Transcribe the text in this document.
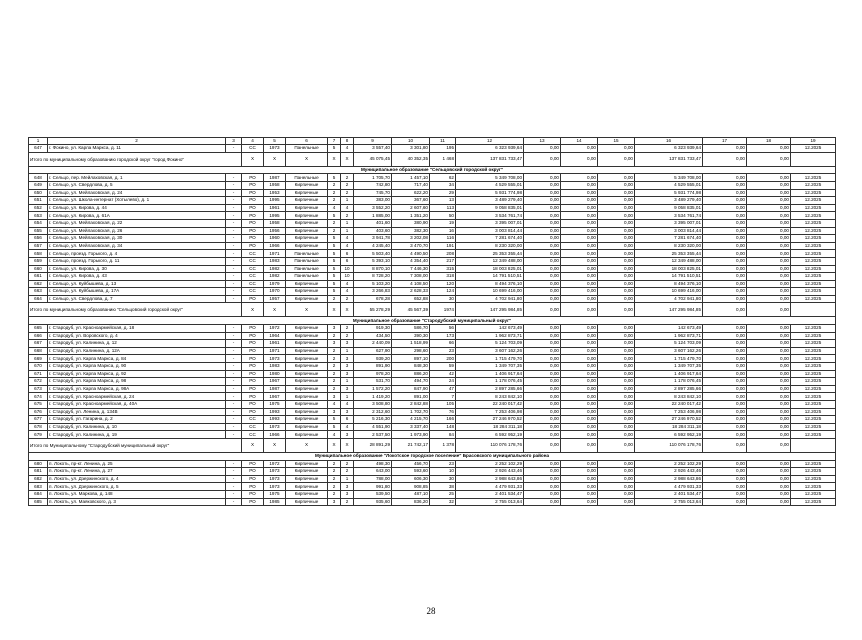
1	2	3	4	5	6	7	8	9	10	11	12	13	14	15	16	17	18	19
647	г. Фокино, ул. Карла Маркса, д. 11	-	СС	1973	Панельные	5	4	3 557,40	3 301,80	195	6 323 939,64	0,00	0,00	0,00	6 323 939,64	0,00	0,00	12.2025
Итого по муниципальному образованию городской округ "город Фокино"			X	X	X	X	X	45 075,45	40 352,35	1 468	137 831 733,47	0,00	0,00	0,00	137 831 733,47	0,00	0,00	
Муниципальное образование "Сельцовский городской округ"																		
648	г. Сельцо, пер. Мейлаховская, д. 1	-	РО	1987	Панельные	5	2	1 705,70	1 457,10	62	5 349 708,00	0,00	0,00	0,00	5 349 708,00	0,00	0,00	12.2025
649	г. Сельцо, ул. Свердлова, д. 5	-	РО	1958	Кирпичные	2	2	742,80	717,40	34	4 529 555,01	0,00	0,00	0,00	4 529 555,01	0,00	0,00	12.2025
650	г. Сельцо, ул. Мейлаховская, д. 24	-	РО	1953	Кирпичные	2	2	745,70	622,20	29	5 931 774,98	0,00	0,00	0,00	5 931 774,98	0,00	0,00	12.2025
651	г. Сельцо, ул. Школа-интернат (Хотылево), д. 1	-	РО	1995	Кирпичные	2	1	383,00	367,60	13	3 489 279,40	0,00	0,00	0,00	3 489 279,40	0,00	0,00	12.2025
652	г. Сельцо, ул. Кирова, д. 44	-	РО	1961	Кирпичные	4	4	3 552,20	2 607,60	113	9 058 835,01	0,00	0,00	0,00	9 058 835,01	0,00	0,00	12.2025
653	г. Сельцо, ул. Кирова, д. 61А	-	РО	1995	Кирпичные	5	2	1 885,00	1 351,20	50	3 534 761,74	0,00	0,00	0,00	3 534 761,74	0,00	0,00	12.2025
654	г. Сельцо, ул. Мейлаховская, д. 22	-	РО	1958	Кирпичные	2	1	401,60	380,90	19	3 395 007,01	0,00	0,00	0,00	3 395 007,01	0,00	0,00	12.2025
655	г. Сельцо, ул. Мейлаховская, д. 26	-	РО	1956	Кирпичные	2	1	403,60	382,30	16	3 003 814,44	0,00	0,00	0,00	3 003 814,44	0,00	0,00	12.2025
656	г. Сельцо, ул. Мейлаховская, д. 30	-	РО	1960	Кирпичные	5	4	3 941,78	3 202,08	116	7 281 674,40	0,00	0,00	0,00	7 281 674,40	0,00	0,00	12.2025
657	г. Сельцо, ул. Мейлаховская, д. 34	-	РО	1966	Кирпичные	5	4	4 245,40	3 470,70	191	8 230 320,00	0,00	0,00	0,00	8 230 320,00	0,00	0,00	12.2025
658	г. Сельцо, проезд. Горького, д. 4	-	СС	1971	Панельные	5	6	5 503,40	4 490,50	208	25 353 355,44	0,00	0,00	0,00	25 353 355,44	0,00	0,00	12.2025
659	г. Сельцо, проезд. Горького, д. 11	-	СС	1983	Панельные	5	6	5 393,10	4 354,40	217	12 349 488,00	0,00	0,00	0,00	12 349 488,00	0,00	0,00	12.2025
660	г. Сельцо, ул. Кирова, д. 30	-	СС	1982	Панельные	5	10	8 870,10	7 446,30	315	18 003 825,01	0,00	0,00	0,00	18 003 825,01	0,00	0,00	12.2025
661	г. Сельцо, ул. Кирова, д. 43	-	СС	1982	Панельные	5	10	8 728,20	7 308,00	318	14 791 510,51	0,00	0,00	0,00	14 791 510,51	0,00	0,00	12.2025
662	г. Сельцо, ул. Куйбышева, д. 13	-	СС	1979	Кирпичные	5	4	5 103,20	4 108,50	120	8 494 376,10	0,00	0,00	0,00	8 494 376,10	0,00	0,00	12.2025
663	г. Сельцо, ул. Куйбышева, д. 17А	-	СС	1970	Кирпичные	5	4	3 266,83	2 628,33	124	10 699 416,00	0,00	0,00	0,00	10 699 416,00	0,00	0,00	12.2025
664	г. Сельцо, ул. Свердлова, д. 7	-	РО	1957	Кирпичные	2	2	678,28	652,88	30	4 702 941,80	0,00	0,00	0,00	4 702 941,80	0,00	0,00	12.2025
Итого по муниципальному образованию "Сельцовский городской округ"			X	X	X	X	X	55 278,29	45 567,39	1974	147 295 984,85	0,00	0,00	0,00	147 295 984,85	0,00	0,00	
Муниципальное образование "Стародубский муниципальный округ"																		
665	г. Стародуб, ул. Красноармейская, д. 18	-	РО	1972	Кирпичные	3	2	919,30	586,70	56	142 673,49	0,00	0,00	0,00	142 673,49	0,00	0,00	12.2025
666	г. Стародуб, ул. Воровского, д. 4	-	РО	1964	Кирпичные	2	2	434,50	390,30	173	1 962 873,71	0,00	0,00	0,00	1 962 873,71	0,00	0,00	12.2025
667	г. Стародуб, ул. Калинина, д. 12	-	РО	1961	Кирпичные	3	3	2 440,09	1 518,99	66	5 124 703,09	0,00	0,00	0,00	5 124 703,09	0,00	0,00	12.2025
668	г. Стародуб, ул. Калинина, д. 12А	-	РО	1971	Кирпичные	2	1	627,90	298,60	23	3 607 162,26	0,00	0,00	0,00	3 607 162,26	0,00	0,00	12.2025
669	г. Стародуб, ул. Карла Маркса, д. 84	-	РО	1973	Кирпичные	2	3	939,20	897,10	200	1 715 479,70	0,00	0,00	0,00	1 715 479,70	0,00	0,00	12.2025
670	г. Стародуб, ул. Карла Маркса, д. 90	-	РО	1983	Кирпичные	2	3	891,90	848,30	59	1 349 707,35	0,00	0,00	0,00	1 349 707,35	0,00	0,00	12.2025
671	г. Стародуб, ул. Карла Маркса, д. 92	-	РО	1980	Кирпичные	2	3	978,20	886,20	42	1 406 917,64	0,00	0,00	0,00	1 406 917,64	0,00	0,00	12.2025
672	г. Стародуб, ул. Карла Маркса, д. 98	-	РО	1967	Кирпичные	2	1	531,70	494,70	24	1 178 076,45	0,00	0,00	0,00	1 178 076,45	0,00	0,00	12.2025
673	г. Стародуб, ул. Карла Маркса, д. 98А	-	РО	1987	Кирпичные	2	3	1 572,20	847,90	47	2 897 285,66	0,00	0,00	0,00	2 897 285,66	0,00	0,00	12.2025
674	г. Стародуб, ул. Красноармейская, д. 24	-	РО	1967	Кирпичные	3	1	1 419,20	891,00	7	8 243 842,10	0,00	0,00	0,00	8 243 842,10	0,00	0,00	12.2025
675	г. Стародуб, ул. Красноармейская, д. 40А	-	РО	1975	Кирпичные	4	4	3 508,80	2 842,88	105	22 240 017,42	0,00	0,00	0,00	22 240 017,42	0,00	0,00	12.2025
676	г. Стародуб, ул. Ленина, д. 134В	-	РО	1993	Кирпичные	3	3	2 312,60	1 702,70	76	7 253 406,98	0,00	0,00	0,00	7 253 406,98	0,00	0,00	12.2025
677	г. Стародуб, ул. Гагарина, д. 2	-	СС	1993	Кирпичные	5	6	5 216,30	4 215,70	166	27 246 970,52	0,00	0,00	0,00	27 246 970,52	0,00	0,00	12.2025
678	г. Стародуб, ул. Калинина, д. 10	-	СС	1973	Кирпичные	5	4	4 551,90	3 337,40	148	18 284 311,18	0,00	0,00	0,00	18 284 311,18	0,00	0,00	12.2025
679	г. Стародуб, ул. Калинина, д. 19	-	СС	1966	Кирпичные	4	3	2 537,50	1 973,90	84	6 592 952,19	0,00	0,00	0,00	6 592 952,19	0,00	0,00	12.2025
Итого по Муниципальному "Стародубский муниципальный округ"			X	X	X	X	X	28 891,29	21 742,17	1 378	110 076 178,76	0,00	0,00	0,00	110 076 178,76	0,00	0,00	
Муниципальное образование "Локотское городское поселение" Брасовского муниципального района																		
680	п. Локоть, пр-кт. Ленина, д. 25	-	РО	1972	Кирпичные	2	2	498,30	456,70	23	2 252 102,29	0,00	0,00	0,00	2 252 102,29	0,00	0,00	12.2025
681	п. Локоть, пр-кт. Ленина, д. 27	-	РО	1973	Кирпичные	2	2	643,00	593,60	10	2 926 443,46	0,00	0,00	0,00	2 926 443,46	0,00	0,00	12.2025
682	п. Локоть, ул. Дзержинского, д. 4	-	РО	1973	Кирпичные	2	1	788,00	606,30	30	2 988 643,86	0,00	0,00	0,00	2 988 643,86	0,00	0,00	12.2025
683	п. Локоть, ул. Дзержинского, д. 5	-	РО	1973	Кирпичные	2	3	991,80	908,85	38	4 479 931,33	0,00	0,00	0,00	4 479 931,33	0,00	0,00	12.2025
684	п. Локоть, ул. Маркова, д. 148	-	РО	1975	Кирпичные	2	3	539,50	487,10	25	2 401 534,47	0,00	0,00	0,00	2 401 534,47	0,00	0,00	12.2025
685	п. Локоть, ул. Маяковского, д. 3	-	РО	1985	Кирпичные	3	2	935,60	836,20	32	2 755 013,64	0,00	0,00	0,00	2 755 013,64	0,00	0,00	12.2025
28
